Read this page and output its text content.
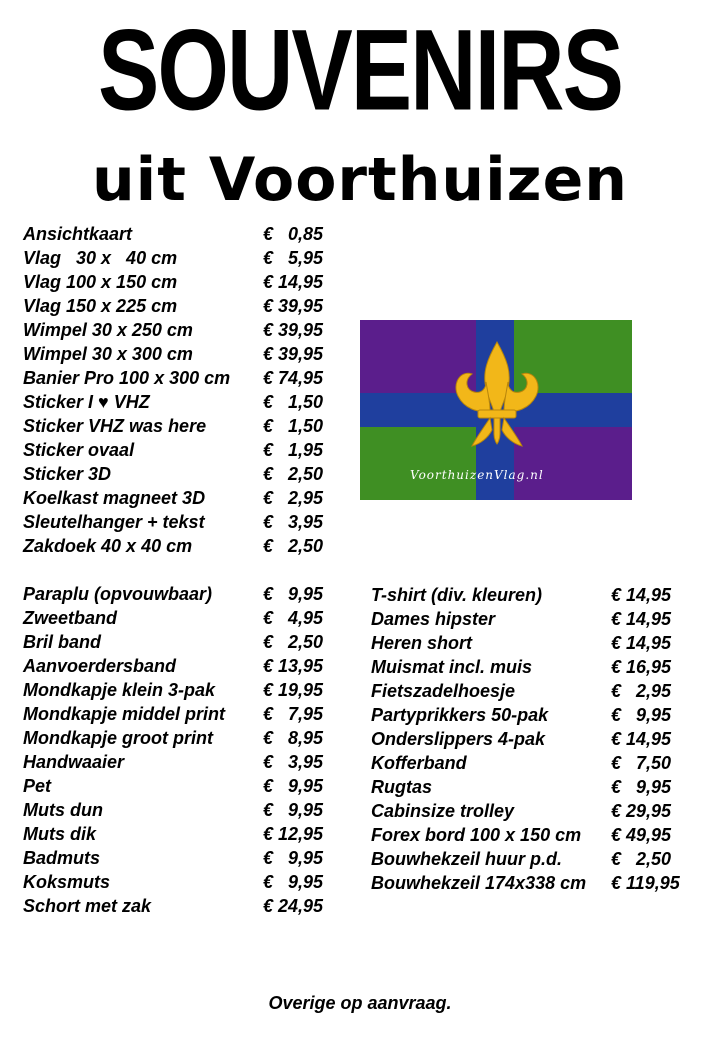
SOUVENIRS
uit Voorthuizen
Ansichtkaart	€   0,85
Vlag   30 x   40 cm	€   5,95
Vlag 100 x 150 cm	€ 14,95
Vlag 150 x 225 cm	€ 39,95
Wimpel 30 x 250 cm	€ 39,95
Wimpel 30 x 300 cm	€ 39,95
Banier Pro 100 x 300 cm € 74,95
Sticker I ♥ VHZ	€   1,50
Sticker VHZ was here	€   1,50
Sticker ovaal	€   1,95
Sticker 3D	€   2,50
Koelkast magneet 3D	€   2,95
Sleutelhanger + tekst	€   3,95
Zakdoek 40 x 40 cm	€   2,50
Paraplu (opvouwbaar)	€   9,95
Zweetband	€   4,95
Bril band	€   2,50
Aanvoerdersband	€ 13,95
Mondkapje klein 3-pak	€ 19,95
Mondkapje middel print €   7,95
Mondkapje groot print	€   8,95
Handwaaier	€   3,95
Pet	€   9,95
Muts dun	€   9,95
Muts dik	€ 12,95
Badmuts	€   9,95
Koksmuts	€   9,95
Schort met zak	€ 24,95
T-shirt (div. kleuren)	€ 14,95
Dames hipster	€ 14,95
Heren short	€ 14,95
Muismat incl. muis	€ 16,95
Fietszadelhoesje	€   2,95
Partyprikkers 50-pak	€   9,95
Onderslippers 4-pak	€ 14,95
Kofferband	€   7,50
Rugtas	€   9,95
Cabinsize trolley	€ 29,95
Forex bord 100 x 150 cm € 49,95
Bouwhekzeil huur p.d.	€   2,50
Bouwhekzeil 174x338 cm € 119,95
VoorthuizenVlag.nl
Overige op aanvraag.
